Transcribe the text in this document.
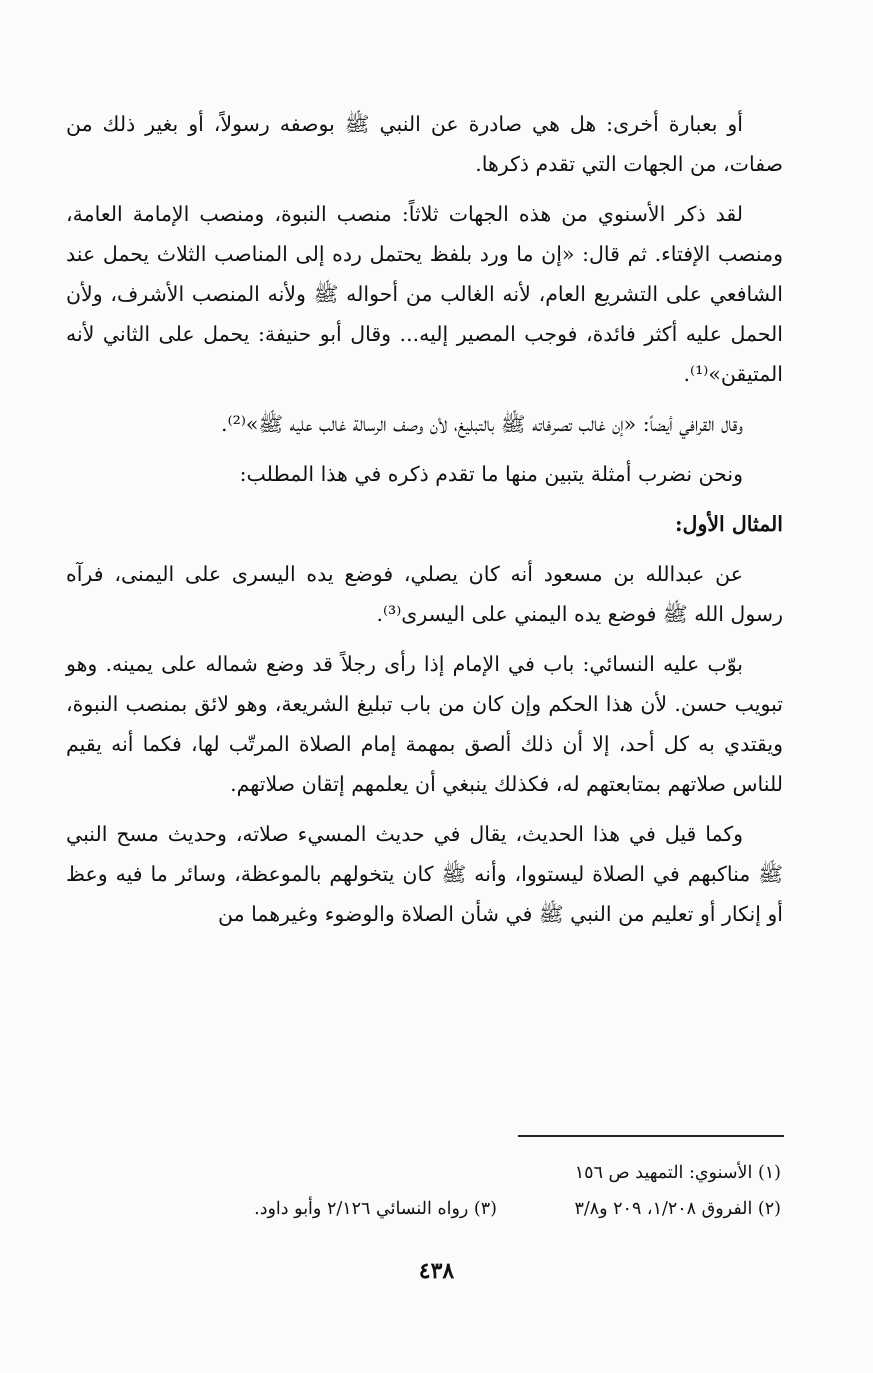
أو بعبارة أخرى: هل هي صادرة عن النبي ﷺ بوصفه رسولاً، أو بغير ذلك من صفات، من الجهات التي تقدم ذكرها.

لقد ذكر الأسنوي من هذه الجهات ثلاثاً: منصب النبوة، ومنصب الإمامة العامة، ومنصب الإفتاء. ثم قال: «إن ما ورد بلفظ يحتمل رده إلى المناصب الثلاث يحمل عند الشافعي على التشريع العام، لأنه الغالب من أحواله ﷺ ولأنه المنصب الأشرف، ولأن الحمل عليه أكثر فائدة، فوجب المصير إليه... وقال أبو حنيفة: يحمل على الثاني لأنه المتيقن»⁽¹⁾.

وقال القرافي أيضاً: «إن غالب تصرفاته ﷺ بالتبليغ، لأن وصف الرسالة غالب عليه ﷺ»⁽²⁾.

ونحن نضرب أمثلة يتبين منها ما تقدم ذكره في هذا المطلب:

المثال الأول:

عن عبدالله بن مسعود أنه كان يصلي، فوضع يده اليسرى على اليمنى، فرآه رسول الله ﷺ فوضع يده اليمني على اليسرى⁽³⁾.

بوّب عليه النسائي: باب في الإمام إذا رأى رجلاً قد وضع شماله على يمينه. وهو تبويب حسن. لأن هذا الحكم وإن كان من باب تبليغ الشريعة، وهو لائق بمنصب النبوة، ويقتدي به كل أحد، إلا أن ذلك ألصق بمهمة إمام الصلاة المرتّب لها، فكما أنه يقيم للناس صلاتهم بمتابعتهم له، فكذلك ينبغي أن يعلمهم إتقان صلاتهم.

وكما قيل في هذا الحديث، يقال في حديث المسيء صلاته، وحديث مسح النبي ﷺ مناكبهم في الصلاة ليستووا، وأنه ﷺ كان يتخولهم بالموعظة، وسائر ما فيه وعظ أو إنكار أو تعليم من النبي ﷺ في شأن الصلاة والوضوء وغيرهما من

(١) الأسنوي: التمهيد ص ١٥٦
(٢) الفروق ١/٢٠٨، ٢٠٩ و٣/٨
(٣) رواه النسائي ٢/١٢٦ وأبو داود.
٤٣٨
